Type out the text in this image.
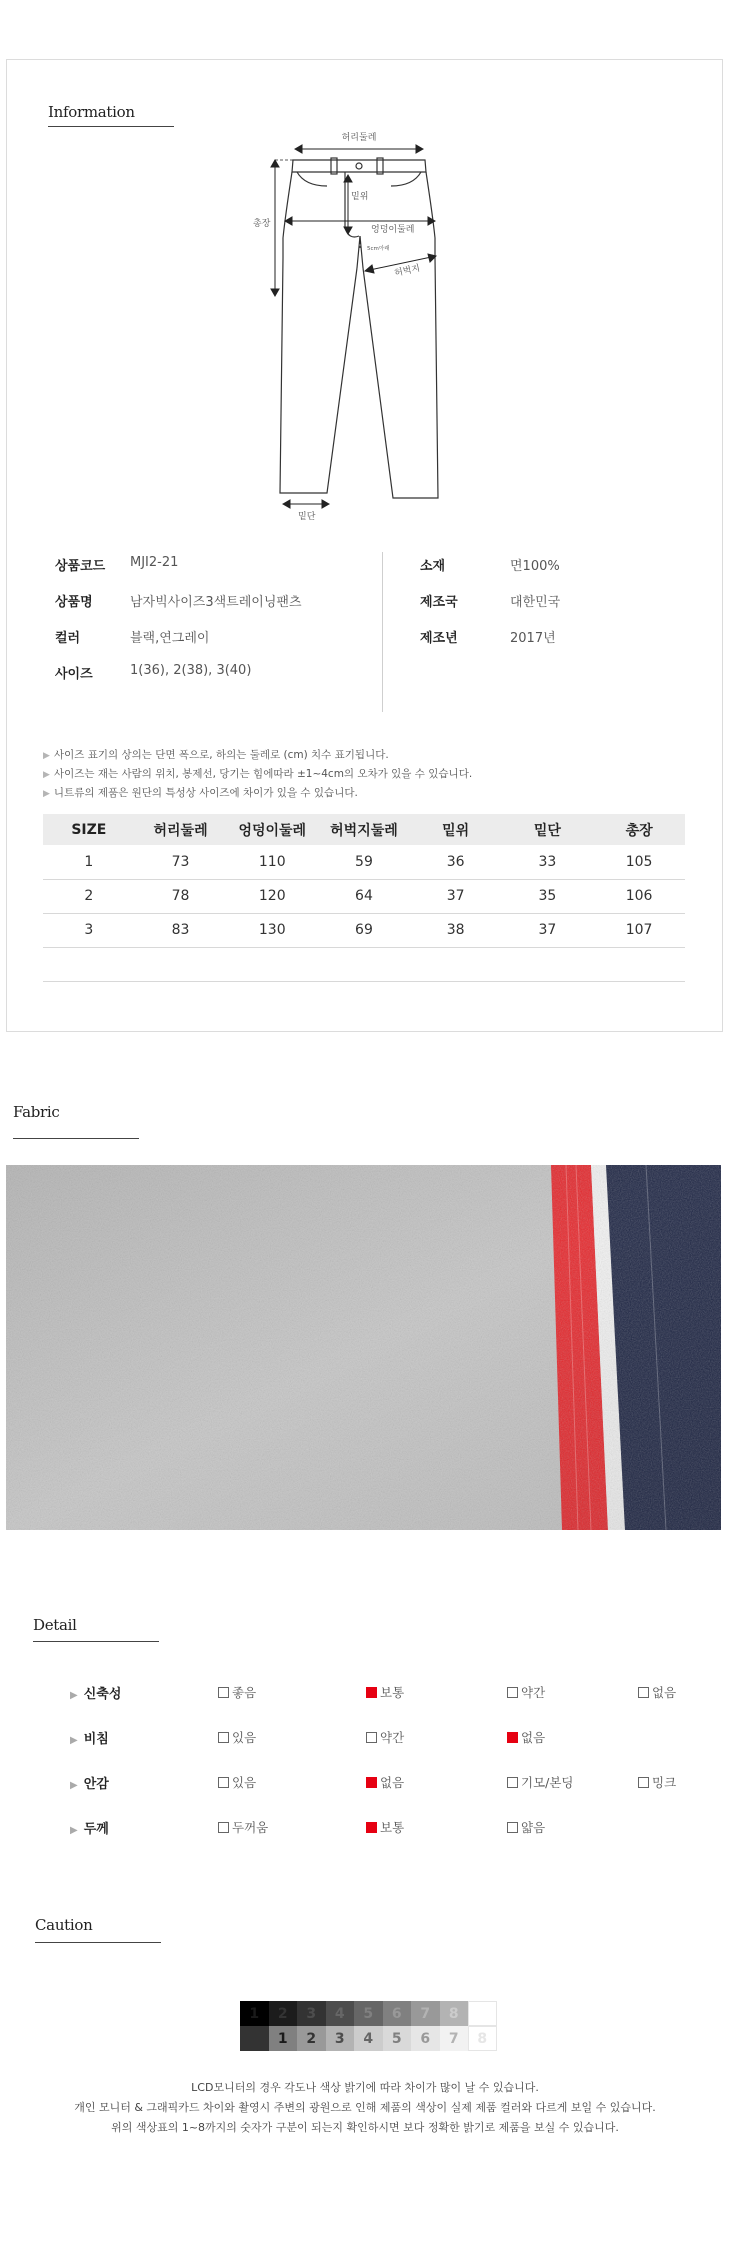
Information
허리둘레
밑위
총장
엉덩이둘레
5cm아래
허벅지
밑단
상품코드 MJI2-21
상품명	남자빅사이즈3색트레이닝팬츠
컬러	블랙,연그레이
사이즈	1(36), 2(38), 3(40)
소재	면100%
제조국	대한민국
제조년	2017년
▶ 사이즈 표기의 상의는 단면 폭으로, 하의는 둘레로 (cm) 치수 표기됩니다.
▶ 사이즈는 재는 사람의 위치, 봉제선, 당기는 힘에따라 ±1~4cm의 오차가 있을 수 있습니다.
▶ 니트류의 제품은 원단의 특성상 사이즈에 차이가 있을 수 있습니다.
SIZE	허리둘레	엉덩이둘레	허벅지둘레	밑위	밑단	총장
1	73	110	59	36	33	105
2	78	120	64	37	35	106
3	83	130	69	38	37	107
Fabric
Detail
▶ 신축성	좋음	보통	약간	없음
▶ 비침	있음	약간	없음
▶ 안감	있음	없음	기모/본딩	밍크
▶ 두께	두꺼움	보통	얇음
Caution
1	2	3	4	5	6	7	8
1	2	3	4	5	6	7	8
LCD모니터의 경우 각도나 색상 밝기에 따라 차이가 많이 날 수 있습니다.
개인 모니터 & 그래픽카드 차이와 촬영시 주변의 광원으로 인해 제품의 색상이 실제 제품 컬러와 다르게 보일 수 있습니다.
위의 색상표의 1~8까지의 숫자가 구분이 되는지 확인하시면 보다 정확한 밝기로 제품을 보실 수 있습니다.
